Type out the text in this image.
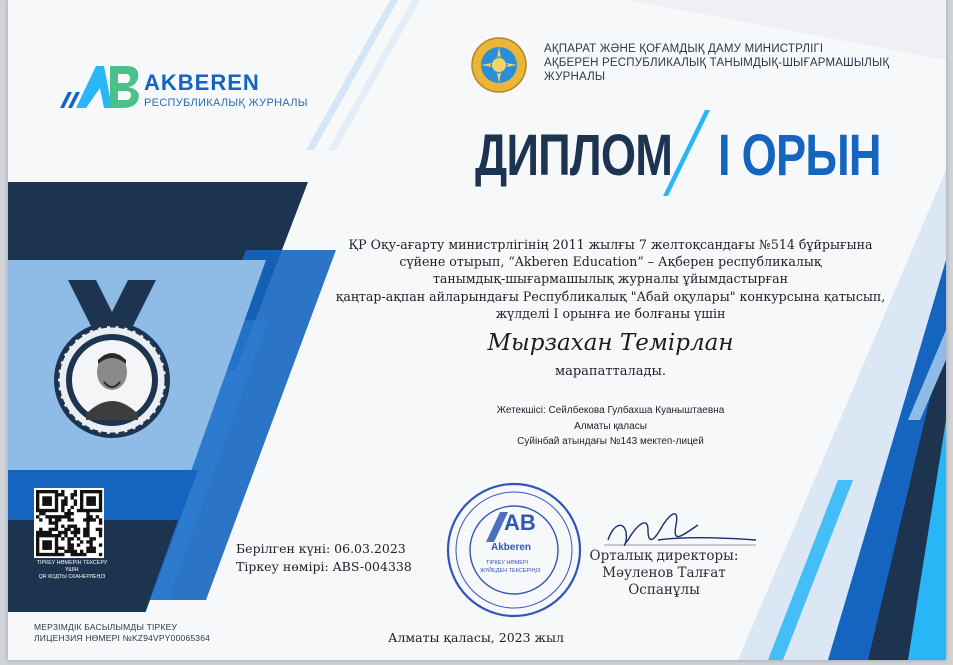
AB
Akberen
ТІРКЕУ НӨМЕРІ
ЖҮЙЕДЕН ТЕКСЕРІҢІЗ
AKBEREN
РЕСПУБЛИКАЛЫҚ ЖУРНАЛЫ
АҚПАРАТ ЖӘНЕ ҚОҒАМДЫҚ ДАМУ МИНИСТРЛІГІ
АҚБЕРЕН РЕСПУБЛИКАЛЫҚ ТАНЫМДЫҚ-ШЫҒАРМАШЫЛЫҚ ЖУРНАЛЫ
ДИПЛОМ І ОРЫН
ҚР Оқу-ағарту министрлігінің 2011 жылғы 7 желтоқсандағы №514 бұйрығына
сүйене отырып, “Akberen Education” – Ақберен республикалық
танымдық-шығармашылық журналы ұйымдастырған
қаңтар-ақпан айларындағы Республикалық "Абай оқулары" конкурсына қатысып,
жүлделі І орынға ие болғаны үшін
Мырзахан Темірлан
марапатталады.
Жетекшісі: Сейлбекова Гулбахша Куаныштаевна
Алматы қаласы
Суйінбай атындағы №143 мектеп-лицей
ТІРКЕУ НӨМЕРІН ТЕКСЕРУ ҮШІН
QR КОДТЫ СКАНЕРЛЕҢІЗ
Берілген күні: 06.03.2023
Тіркеу нөмірі: ABS-004338
Орталық директоры:
Мәуленов Талғат Оспанұлы
Алматы қаласы, 2023 жыл
МЕРЗІМДІК БАСЫЛЫМДЫ ТІРКЕУ
ЛИЦЕНЗИЯ НӨМЕРІ №KZ94VPY00065364
